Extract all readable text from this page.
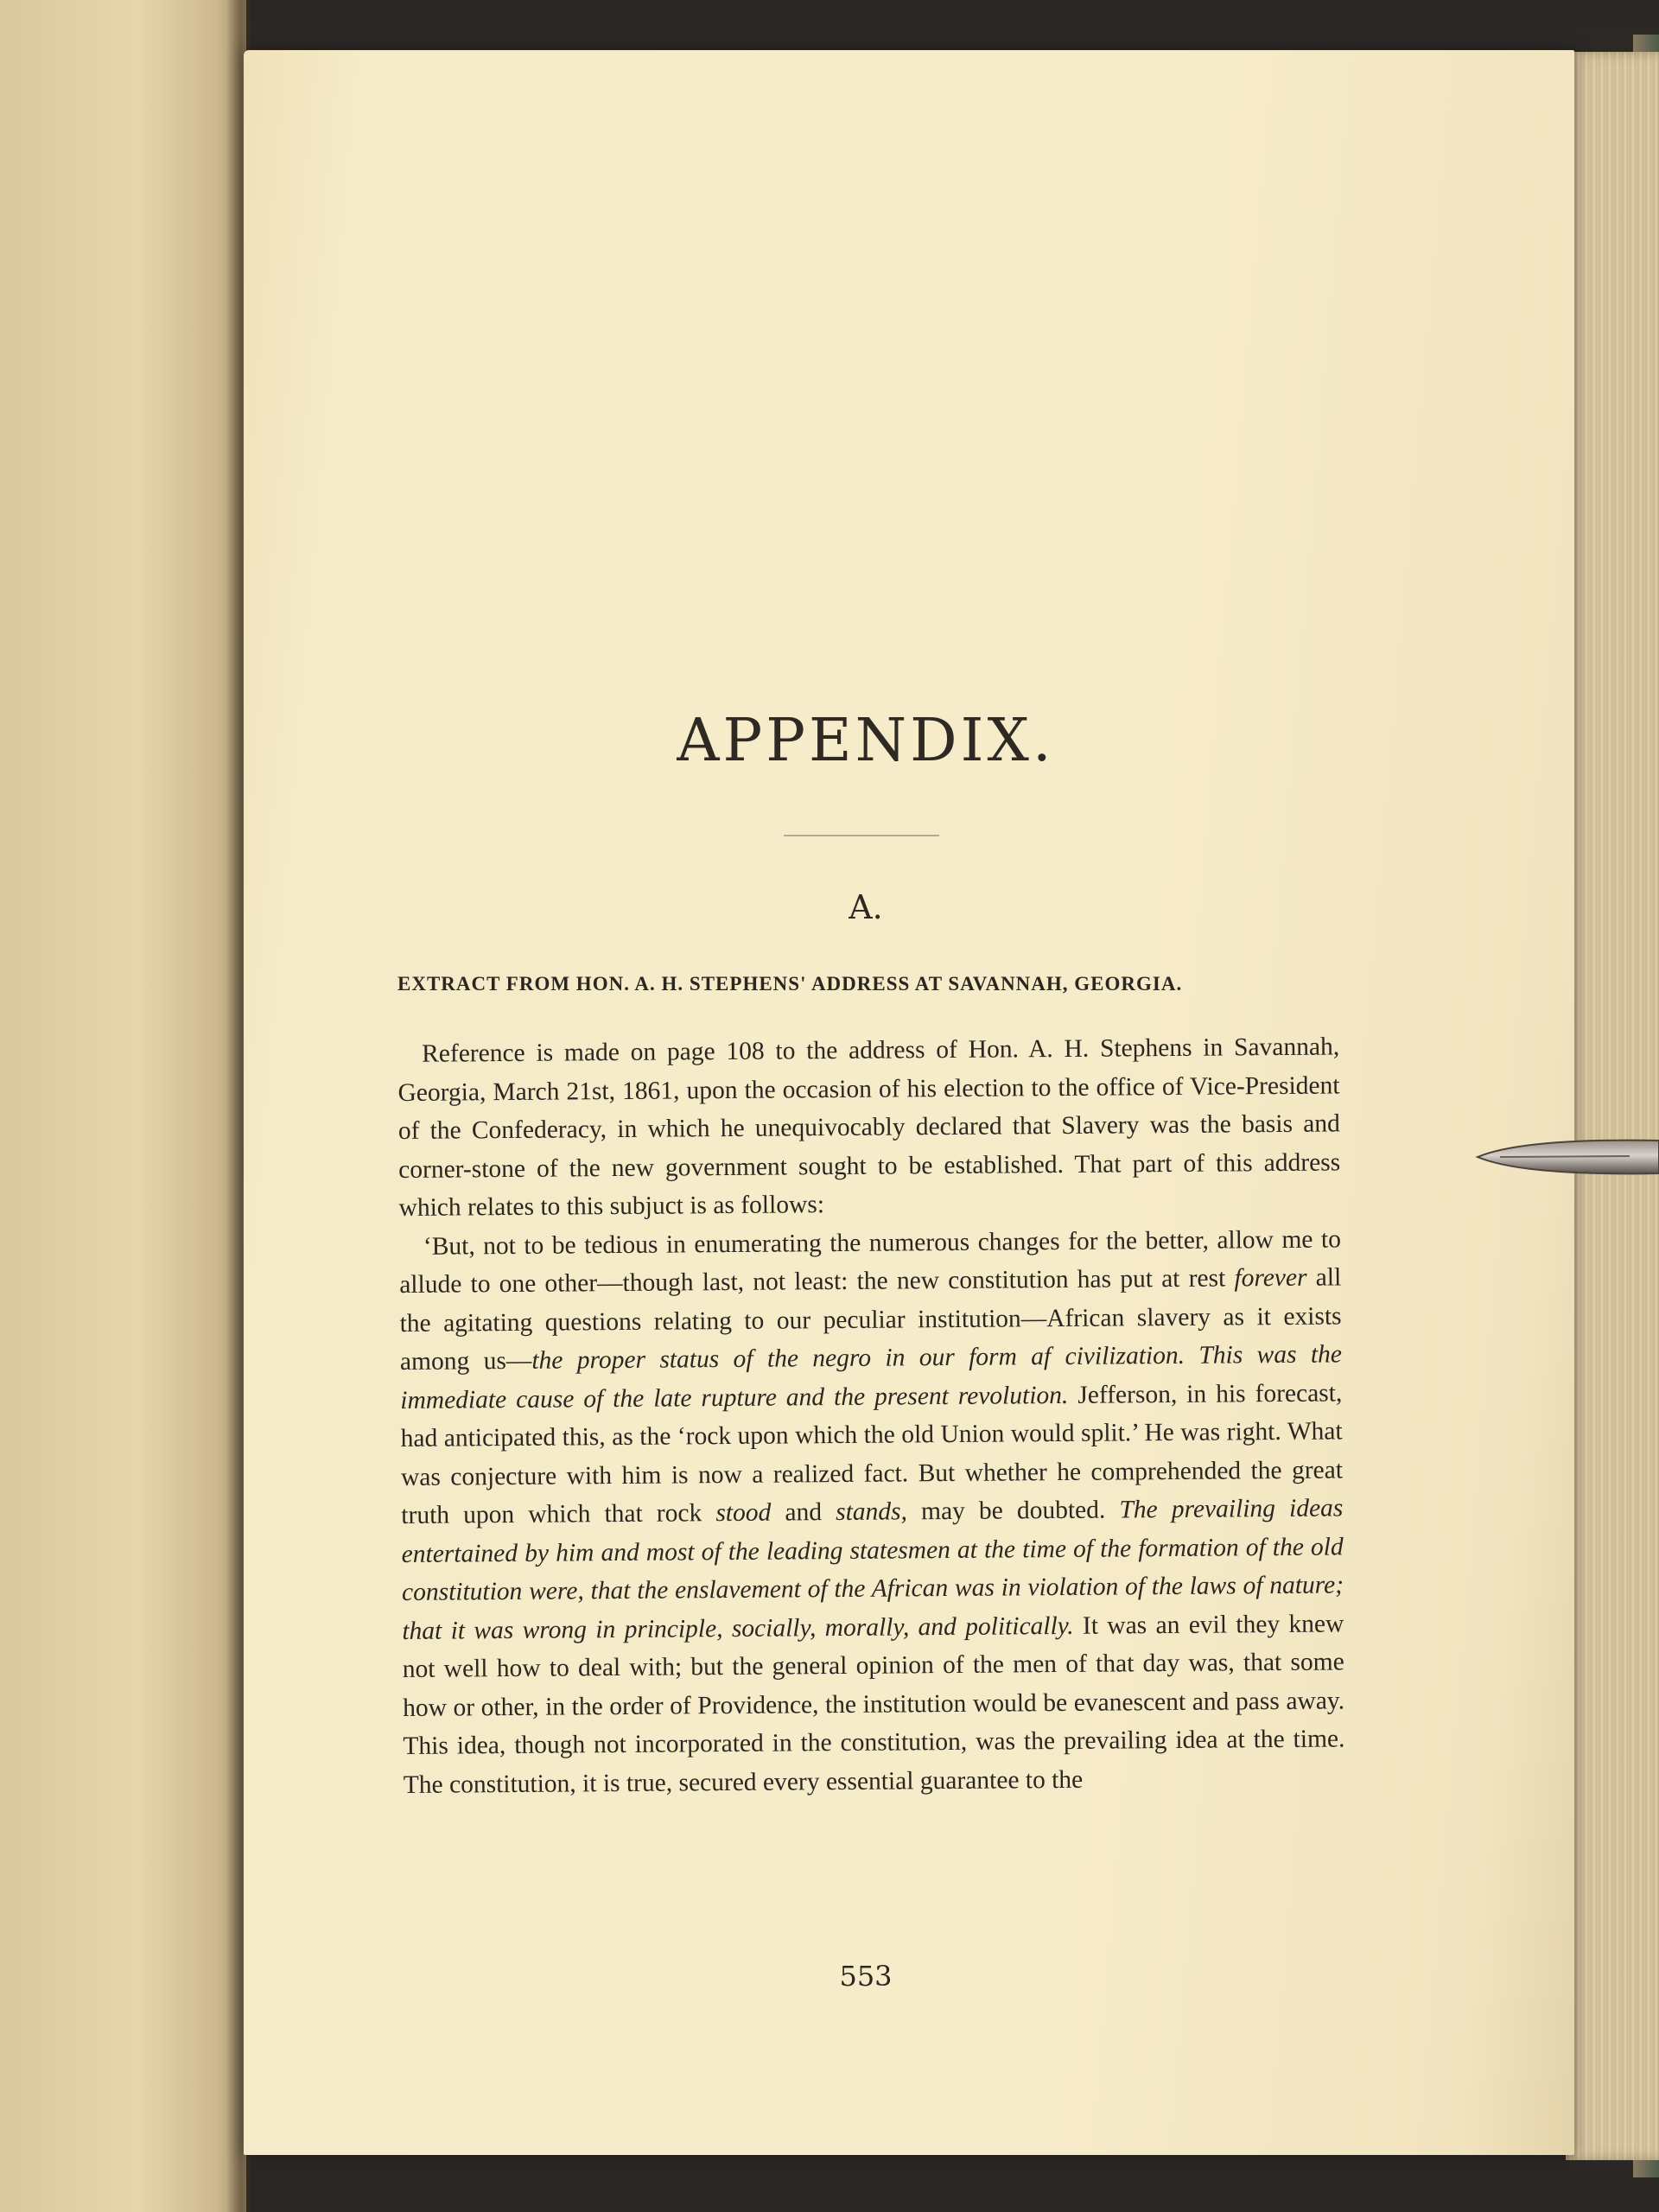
APPENDIX.
A.
EXTRACT FROM HON. A. H. STEPHENS' ADDRESS AT SAVANNAH, GEORGIA.

Reference is made on page 108 to the address of Hon. A. H. Stephens in Savannah, Georgia, March 21st, 1861, upon the occasion of his election to the office of Vice-President of the Confederacy, in which he unequivocably declared that Slavery was the basis and corner-stone of the new government sought to be established. That part of this address which relates to this subjuct is as follows:

‘But, not to be tedious in enumerating the numerous changes for the better, allow me to allude to one other—though last, not least: the new constitution has put at rest forever all the agitating questions relating to our peculiar institution—African slavery as it exists among us—the proper status of the negro in our form af civilization. This was the immediate cause of the late rupture and the present revolution. Jefferson, in his forecast, had anticipated this, as the ‘rock upon which the old Union would split.’ He was right. What was conjecture with him is now a realized fact. But whether he comprehended the great truth upon which that rock stood and stands, may be doubted. The prevailing ideas entertained by him and most of the leading statesmen at the time of the formation of the old constitution were, that the enslavement of the African was in violation of the laws of nature; that it was wrong in principle, socially, morally, and politically. It was an evil they knew not well how to deal with; but the general opinion of the men of that day was, that some how or other, in the order of Providence, the institution would be evanescent and pass away. This idea, though not incorporated in the constitution, was the prevailing idea at the time. The constitution, it is true, secured every essential guarantee to the

553
